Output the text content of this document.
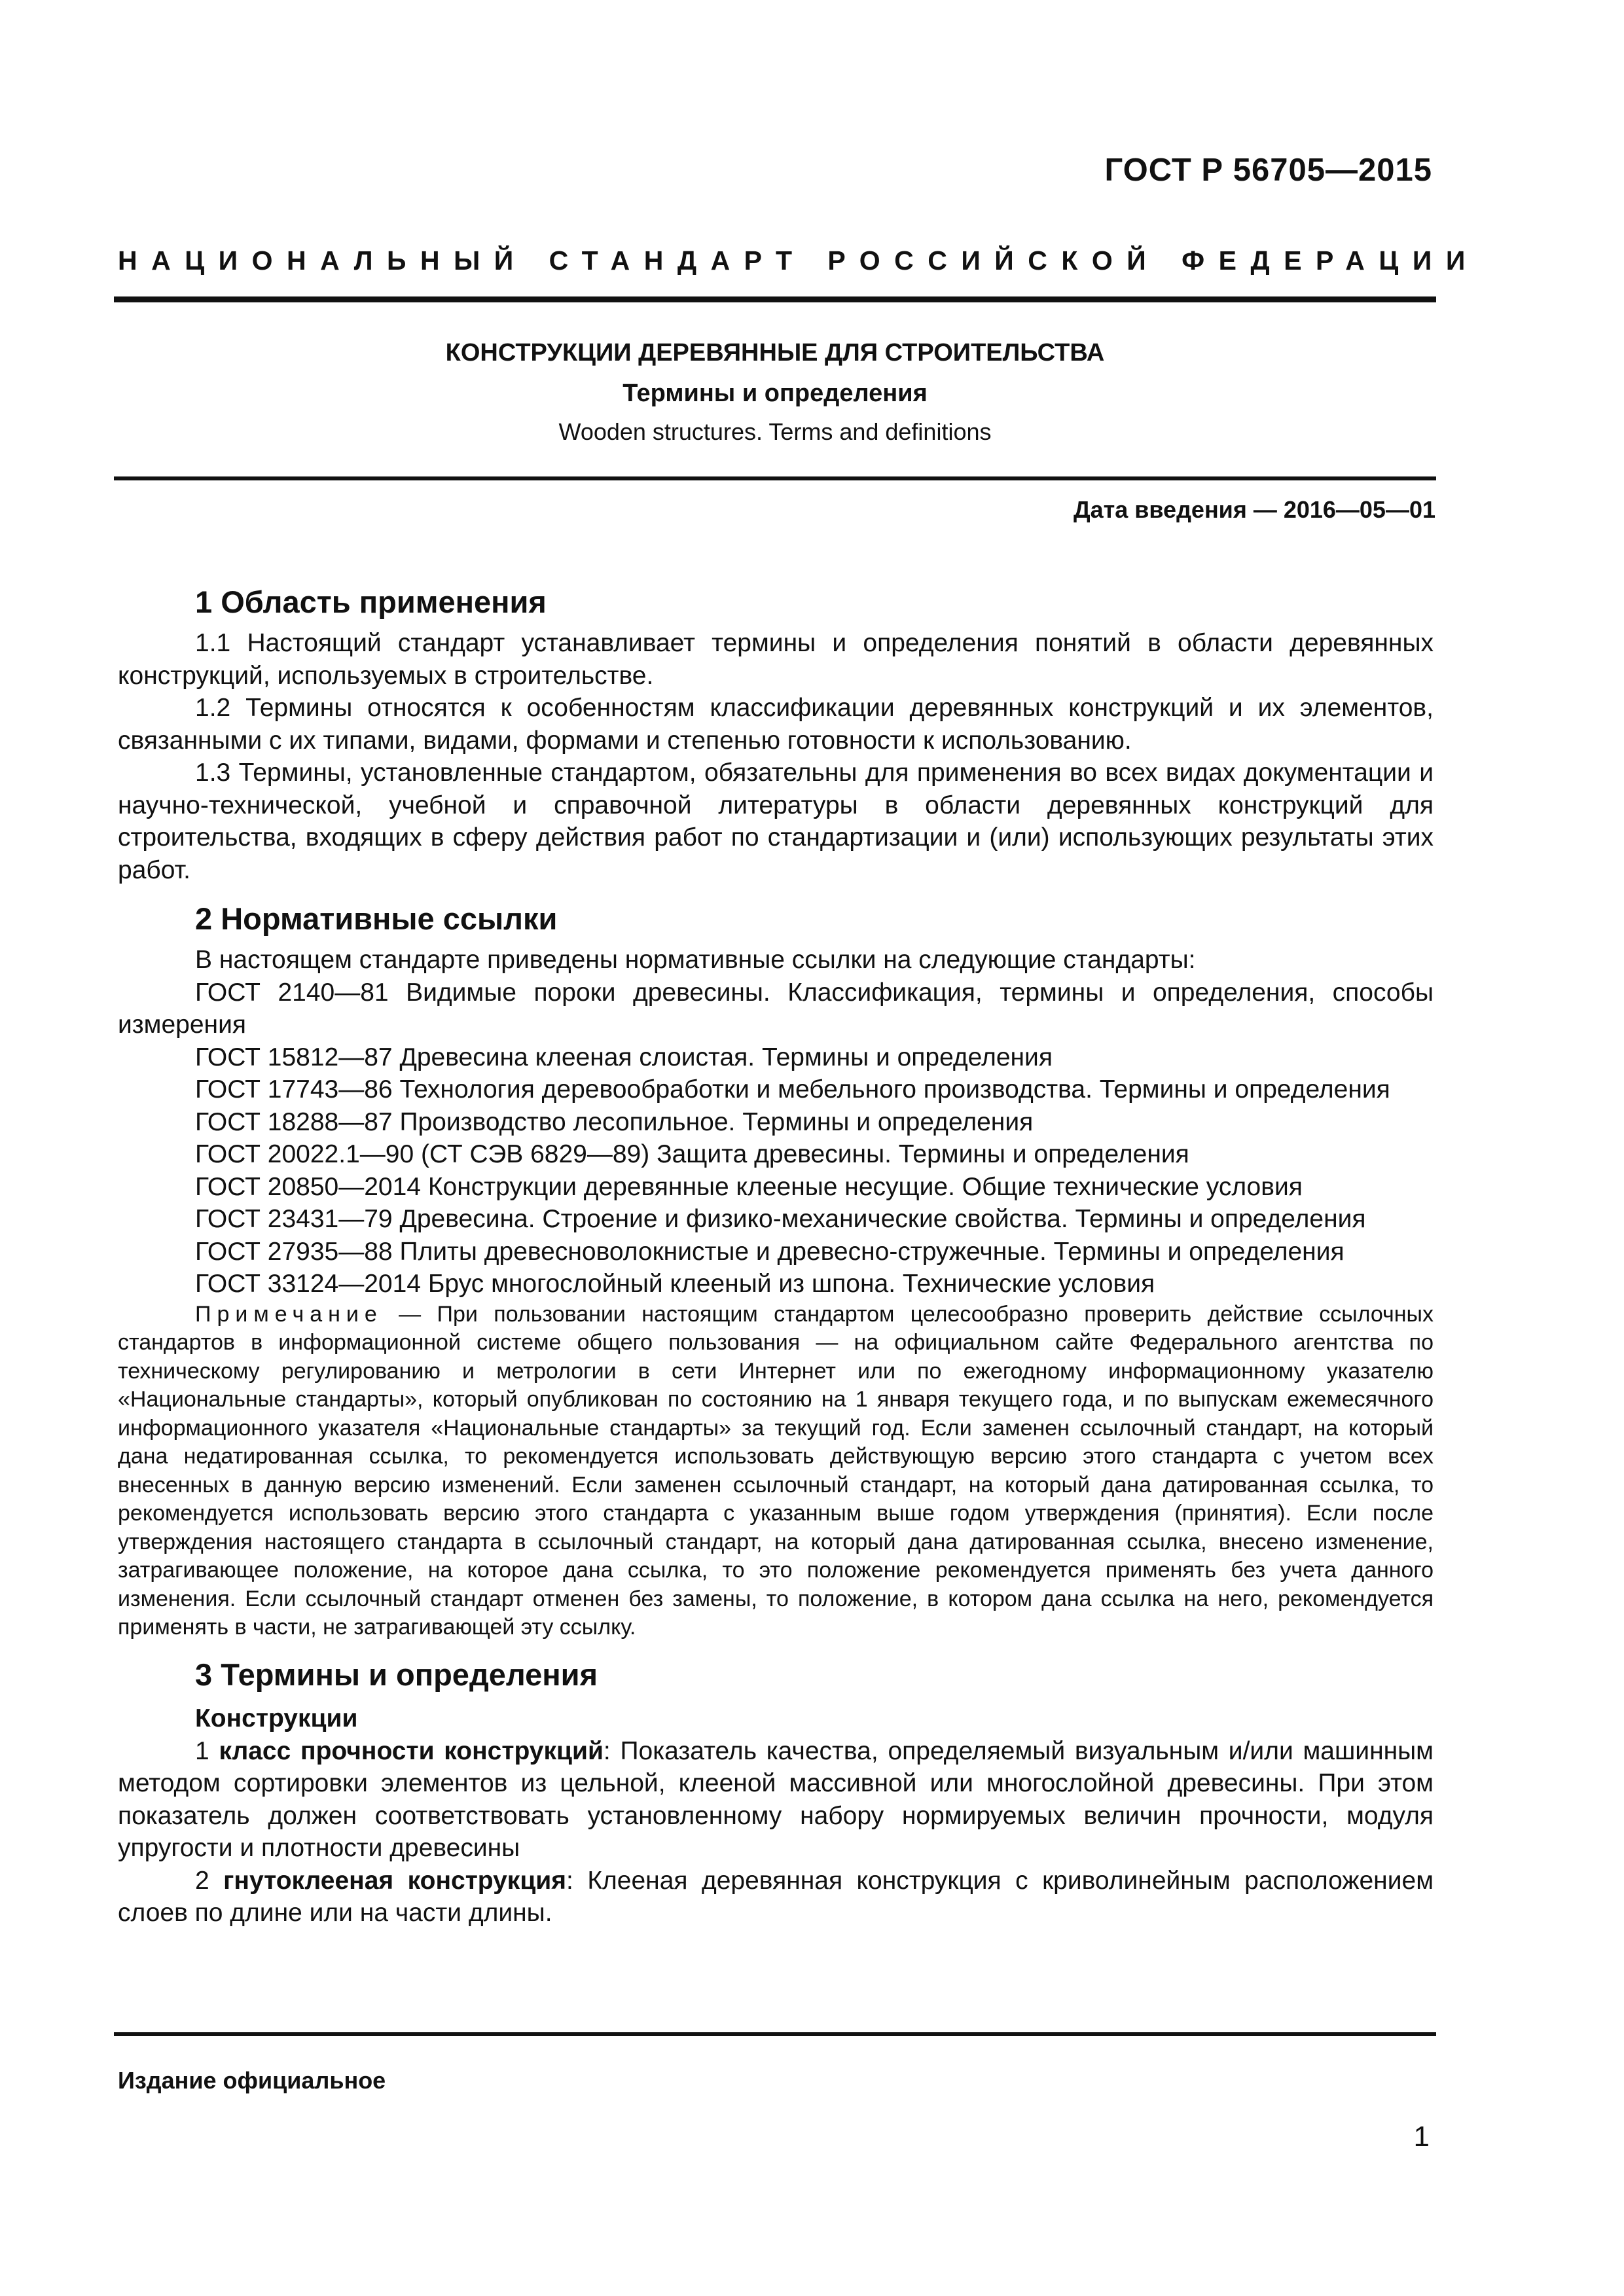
ГОСТ Р 56705—2015
НАЦИОНАЛЬНЫЙ СТАНДАРТ РОССИЙСКОЙ ФЕДЕРАЦИИ
КОНСТРУКЦИИ ДЕРЕВЯННЫЕ ДЛЯ СТРОИТЕЛЬСТВА
Термины и определения
Wooden structures. Terms and definitions
Дата введения — 2016—05—01
1 Область применения

1.1 Настоящий стандарт устанавливает термины и определения понятий в области деревянных конструкций, используемых в строительстве.

1.2 Термины относятся к особенностям классификации деревянных конструкций и их элементов, связанными с их типами, видами, формами и степенью готовности к использованию.

1.3 Термины, установленные стандартом, обязательны для применения во всех видах документации и научно-технической, учебной и справочной литературы в области деревянных конструкций для строительства, входящих в сферу действия работ по стандартизации и (или) использующих результаты этих работ.

2 Нормативные ссылки

В настоящем стандарте приведены нормативные ссылки на следующие стандарты:

ГОСТ 2140—81 Видимые пороки древесины. Классификация, термины и определения, способы измерения

ГОСТ 15812—87 Древесина клееная слоистая. Термины и определения

ГОСТ 17743—86 Технология деревообработки и мебельного производства. Термины и определения

ГОСТ 18288—87 Производство лесопильное. Термины и определения

ГОСТ 20022.1—90 (СТ СЭВ 6829—89) Защита древесины. Термины и определения

ГОСТ 20850—2014 Конструкции деревянные клееные несущие. Общие технические условия

ГОСТ 23431—79 Древесина. Строение и физико-механические свойства. Термины и определения

ГОСТ 27935—88 Плиты древесноволокнистые и древесно-стружечные. Термины и определения

ГОСТ 33124—2014 Брус многослойный клееный из шпона. Технические условия

Примечание — При пользовании настоящим стандартом целесообразно проверить действие ссылочных стандартов в информационной системе общего пользования — на официальном сайте Федерального агентства по техническому регулированию и метрологии в сети Интернет или по ежегодному информационному указателю «Национальные стандарты», который опубликован по состоянию на 1 января текущего года, и по выпускам ежемесячного информационного указателя «Национальные стандарты» за текущий год. Если заменен ссылочный стандарт, на который дана недатированная ссылка, то рекомендуется использовать действующую версию этого стандарта с учетом всех внесенных в данную версию изменений. Если заменен ссылочный стандарт, на который дана датированная ссылка, то рекомендуется использовать версию этого стандарта с указанным выше годом утверждения (принятия). Если после утверждения настоящего стандарта в ссылочный стандарт, на который дана датированная ссылка, внесено изменение, затрагивающее положение, на которое дана ссылка, то это положение рекомендуется применять без учета данного изменения. Если ссылочный стандарт отменен без замены, то положение, в котором дана ссылка на него, рекомендуется применять в части, не затрагивающей эту ссылку.

3 Термины и определения
Конструкции

1 класс прочности конструкций: Показатель качества, определяемый визуальным и/или машинным методом сортировки элементов из цельной, клееной массивной или многослойной древесины. При этом показатель должен соответствовать установленному набору нормируемых величин прочности, модуля упругости и плотности древесины

2 гнутоклееная конструкция: Клееная деревянная конструкция с криволинейным расположением слоев по длине или на части длины.

Издание официальное
1
